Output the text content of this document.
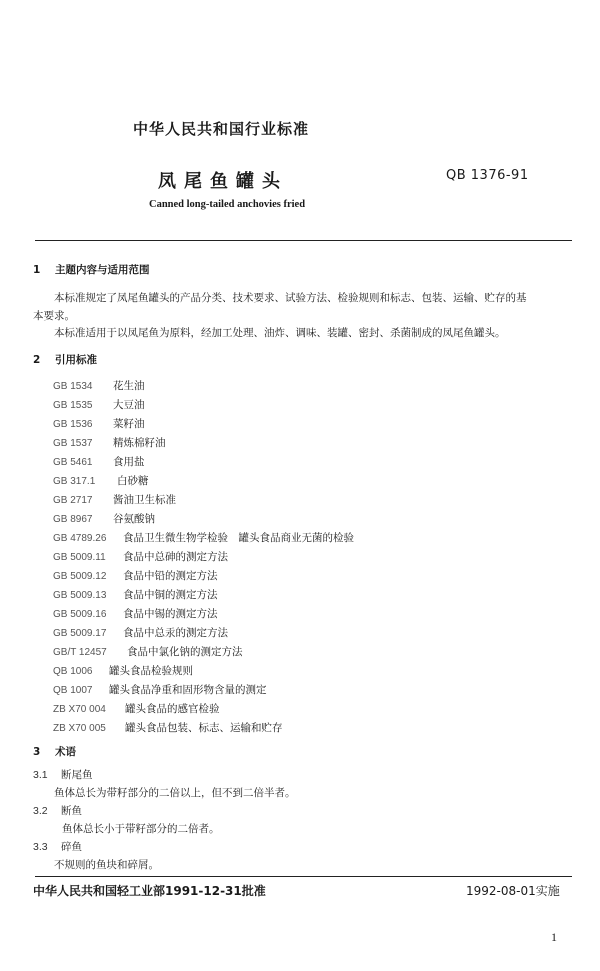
中华人民共和国行业标准
凤尾鱼罐头	QB 1376-91
Canned long-tailed anchovies fried
1 主题内容与适用范围
本标准规定了凤尾鱼罐头的产品分类、技术要求、试验方法、检验规则和标志、包装、运输、贮存的基
本要求。
本标准适用于以凤尾鱼为原料，经加工处理、油炸、调味、装罐、密封、杀菌制成的凤尾鱼罐头。
2 引用标准
GB 1534 花生油
GB 1535 大豆油
GB 1536 菜籽油
GB 1537 精炼棉籽油
GB 5461 食用盐
GB 317.1 白砂糖
GB 2717 酱油卫生标准
GB 8967 谷氨酸钠
GB 4789.26 食品卫生微生物学检验　罐头食品商业无菌的检验
GB 5009.11 食品中总砷的测定方法
GB 5009.12 食品中铅的测定方法
GB 5009.13 食品中铜的测定方法
GB 5009.16 食品中锡的测定方法
GB 5009.17 食品中总汞的测定方法
GB/T 12457 食品中氯化钠的测定方法
QB 1006 罐头食品检验规则
QB 1007 罐头食品净重和固形物含量的测定
ZB X70 004 罐头食品的感官检验
ZB X70 005 罐头食品包装、标志、运输和贮存
3 术语
3.1 断尾鱼
鱼体总长为带籽部分的二倍以上，但不到二倍半者。
3.2 断鱼
鱼体总长小于带籽部分的二倍者。
3.3 碎鱼
不规则的鱼块和碎屑。
中华人民共和国轻工业部1991-12-31批准	1992-08-01实施
1
